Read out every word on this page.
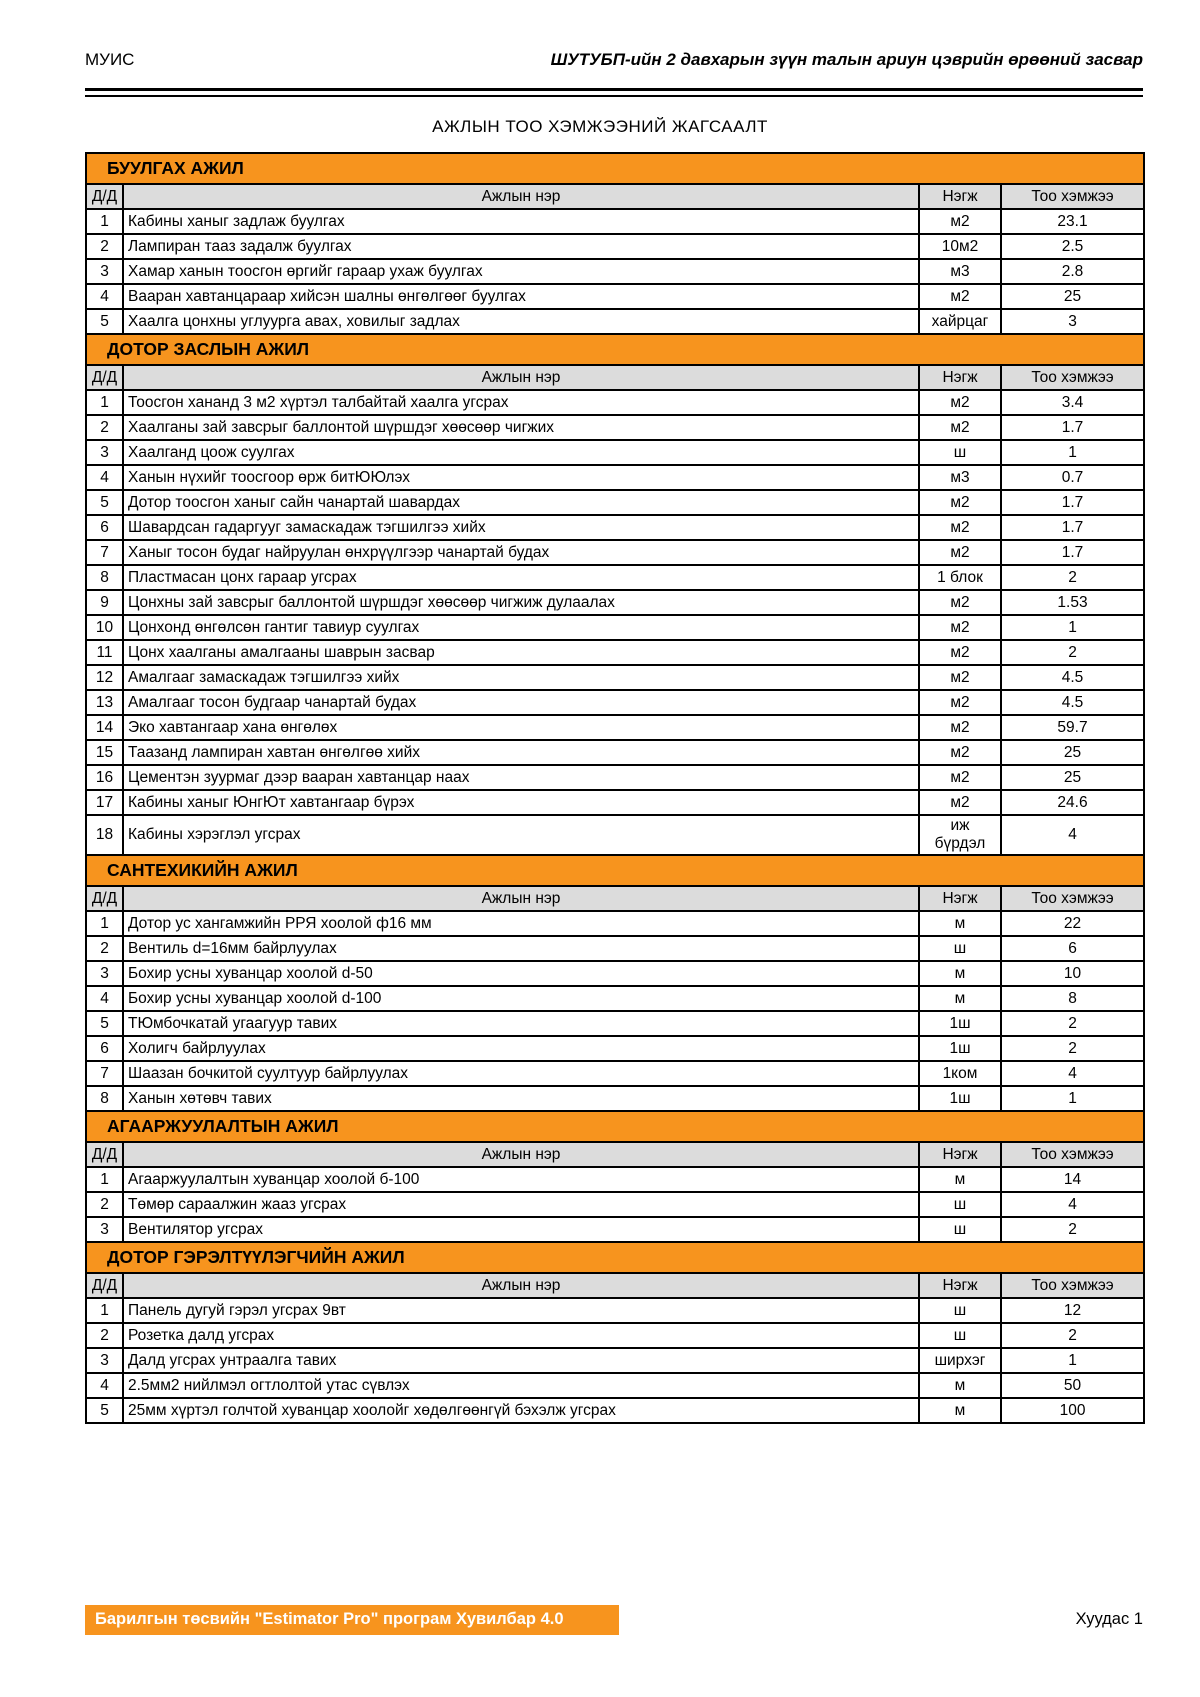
МУИС	ШУТУБП-ийн 2 давхарын зүүн талын ариун цэврийн өрөөний засвар
АЖЛЫН ТОО ХЭМЖЭЭНИЙ ЖАГСААЛТ
БУУЛГАХ АЖИЛ			
Д/Д	Ажлын нэр	Нэгж	Тоо хэмжээ
1	Кабины ханыг задлаж буулгах	м2	23.1
2	Лампиран тааз задалж буулгах	10м2	2.5
3	Хамар ханын тоосгон өргийг гараар ухаж буулгах	м3	2.8
4	Вааран хавтанцараар хийсэн шалны өнгөлгөөг буулгах	м2	25
5	Хаалга цонхны углуурга авах, ховилыг задлах	хайрцаг	3
ДОТОР ЗАСЛЫН АЖИЛ			
Д/Д	Ажлын нэр	Нэгж	Тоо хэмжээ
1	Тоосгон хананд 3 м2 хүртэл талбайтай хаалга угсрах	м2	3.4
2	Хаалганы зай завсрыг баллонтой шүршдэг хөөсөөр чигжих	м2	1.7
3	Хаалганд цоож суулгах	ш	1
4	Ханын нүхийг тоосгоор өрж битЮЮлэх	м3	0.7
5	Дотор тоосгон ханыг сайн чанартай шавардах	м2	1.7
6	Шавардсан гадаргууг замаскадаж тэгшилгээ хийх	м2	1.7
7	Ханыг тосон будаг найруулан өнхрүүлгээр чанартай будах	м2	1.7
8	Пластмасан цонх гараар угсрах	1 блок	2
9	Цонхны зай завсрыг баллонтой шүршдэг хөөсөөр чигжиж дулаалах	м2	1.53
10	Цонхонд өнгөлсөн гантиг тавиур суулгах	м2	1
11	Цонх хаалганы амалгааны шаврын засвар	м2	2
12	Амалгааг замаскадаж тэгшилгээ хийх	м2	4.5
13	Амалгааг тосон будгаар чанартай будах	м2	4.5
14	Эко хавтангаар хана өнгөлөх	м2	59.7
15	Таазанд лампиран хавтан өнгөлгөө хийх	м2	25
16	Цементэн зуурмаг дээр вааран хавтанцар наах	м2	25
17	Кабины ханыг ЮнгЮт хавтангаар бүрэх	м2	24.6
18	Кабины хэрэглэл угсрах	иж бүрдэл	4
САНТЕХИКИЙН АЖИЛ			
Д/Д	Ажлын нэр	Нэгж	Тоо хэмжээ
1	Дотор ус хангамжийн РРЯ хоолой ф16 мм	м	22
2	Вентиль d=16мм байрлуулах	ш	6
3	Бохир усны хуванцар хоолой d-50	м	10
4	Бохир усны хуванцар хоолой d-100	м	8
5	ТЮмбочкатай угаагуур тавих	1ш	2
6	Холигч байрлуулах	1ш	2
7	Шаазан бочкитой суултуур байрлуулах	1ком	4
8	Ханын хөтөвч тавих	1ш	1
АГААРЖУУЛАЛТЫН АЖИЛ			
Д/Д	Ажлын нэр	Нэгж	Тоо хэмжээ
1	Агааржуулалтын хуванцар хоолой б-100	м	14
2	Төмөр сараалжин жааз угсрах	ш	4
3	Вентилятор угсрах	ш	2
ДОТОР ГЭРЭЛТҮҮЛЭГЧИЙН АЖИЛ			
Д/Д	Ажлын нэр	Нэгж	Тоо хэмжээ
1	Панель дугуй гэрэл угсрах 9вт	ш	12
2	Розетка далд угсрах	ш	2
3	Далд угсрах унтраалга тавих	ширхэг	1
4	2.5мм2 нийлмэл огтлолтой утас сүвлэх	м	50
5	25мм хүртэл голчтой хуванцар хоолойг хөдөлгөөнгүй бэхэлж угсрах	м	100
Барилгын төсвийн "Estimator Pro" програм Хувилбар 4.0	Хуудас 1
